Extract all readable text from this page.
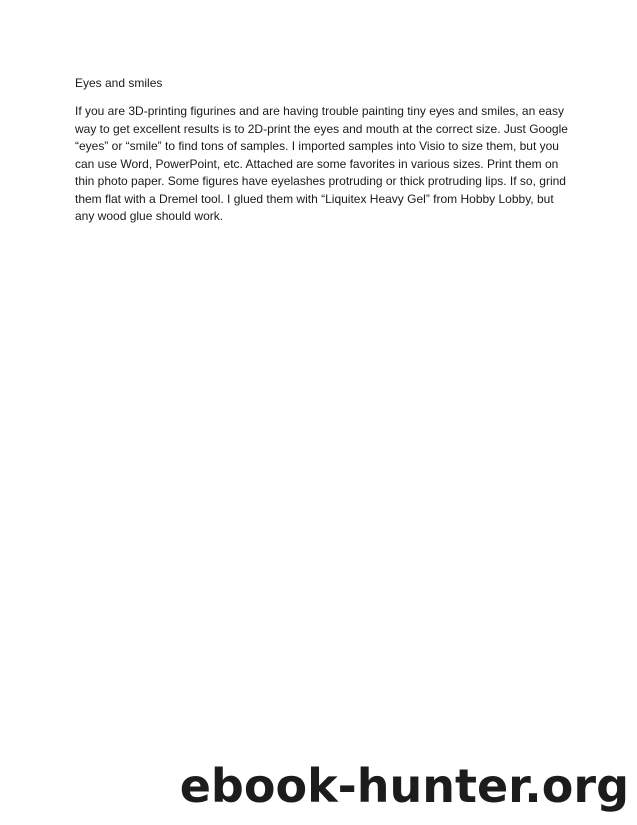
Eyes and smiles

If you are 3D-printing figurines and are having trouble painting tiny eyes and smiles, an easy
way to get excellent results is to 2D-print the eyes and mouth at the correct size. Just Google
“eyes” or “smile” to find tons of samples. I imported samples into Visio to size them, but you
can use Word, PowerPoint, etc. Attached are some favorites in various sizes. Print them on
thin photo paper. Some figures have eyelashes protruding or thick protruding lips. If so, grind
them flat with a Dremel tool. I glued them with “Liquitex Heavy Gel” from Hobby Lobby, but
any wood glue should work.
ebook-hunter.org
